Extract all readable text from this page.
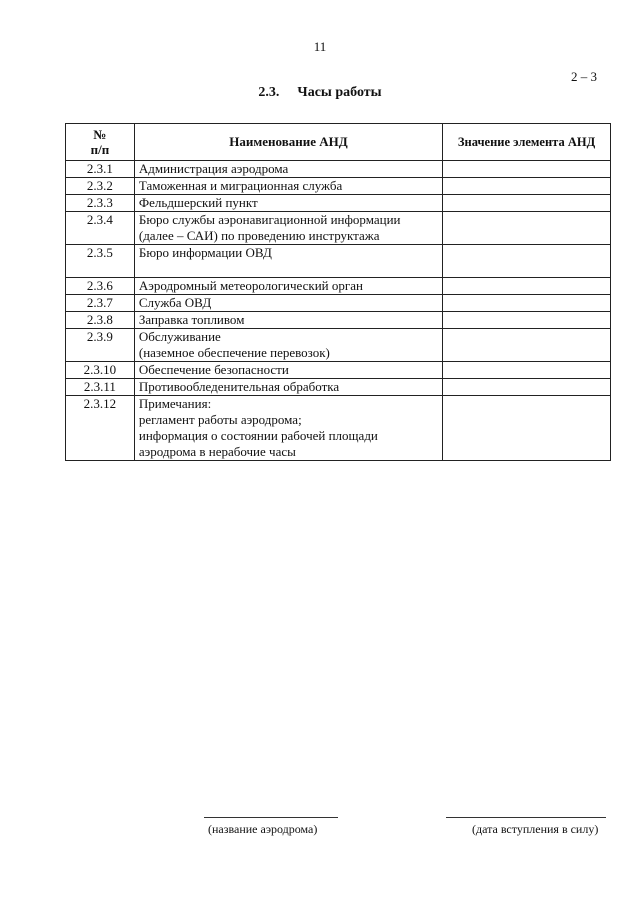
11
2 – 3
2.3. Часы работы
№
п/п	Наименование АНД	Значение элемента АНД
2.3.1	Администрация аэродрома	

2.3.2	Таможенная и миграционная служба	

2.3.3	Фельдшерский пункт	

2.3.4	Бюро службы аэронавигационной информации
(далее – САИ) по проведению инструктажа	

2.3.5	Бюро информации ОВД	

2.3.6	Аэродромный метеорологический орган	

2.3.7	Служба ОВД	

2.3.8	Заправка топливом	

2.3.9	Обслуживание
(наземное обеспечение перевозок)	

2.3.10	Обеспечение безопасности	

2.3.11	Противообледенительная обработка	

2.3.12	Примечания:
регламент работы аэродрома;
информация о состоянии рабочей площади
аэродрома в нерабочие часы	

(название аэродрома)	(дата вступления в силу)
